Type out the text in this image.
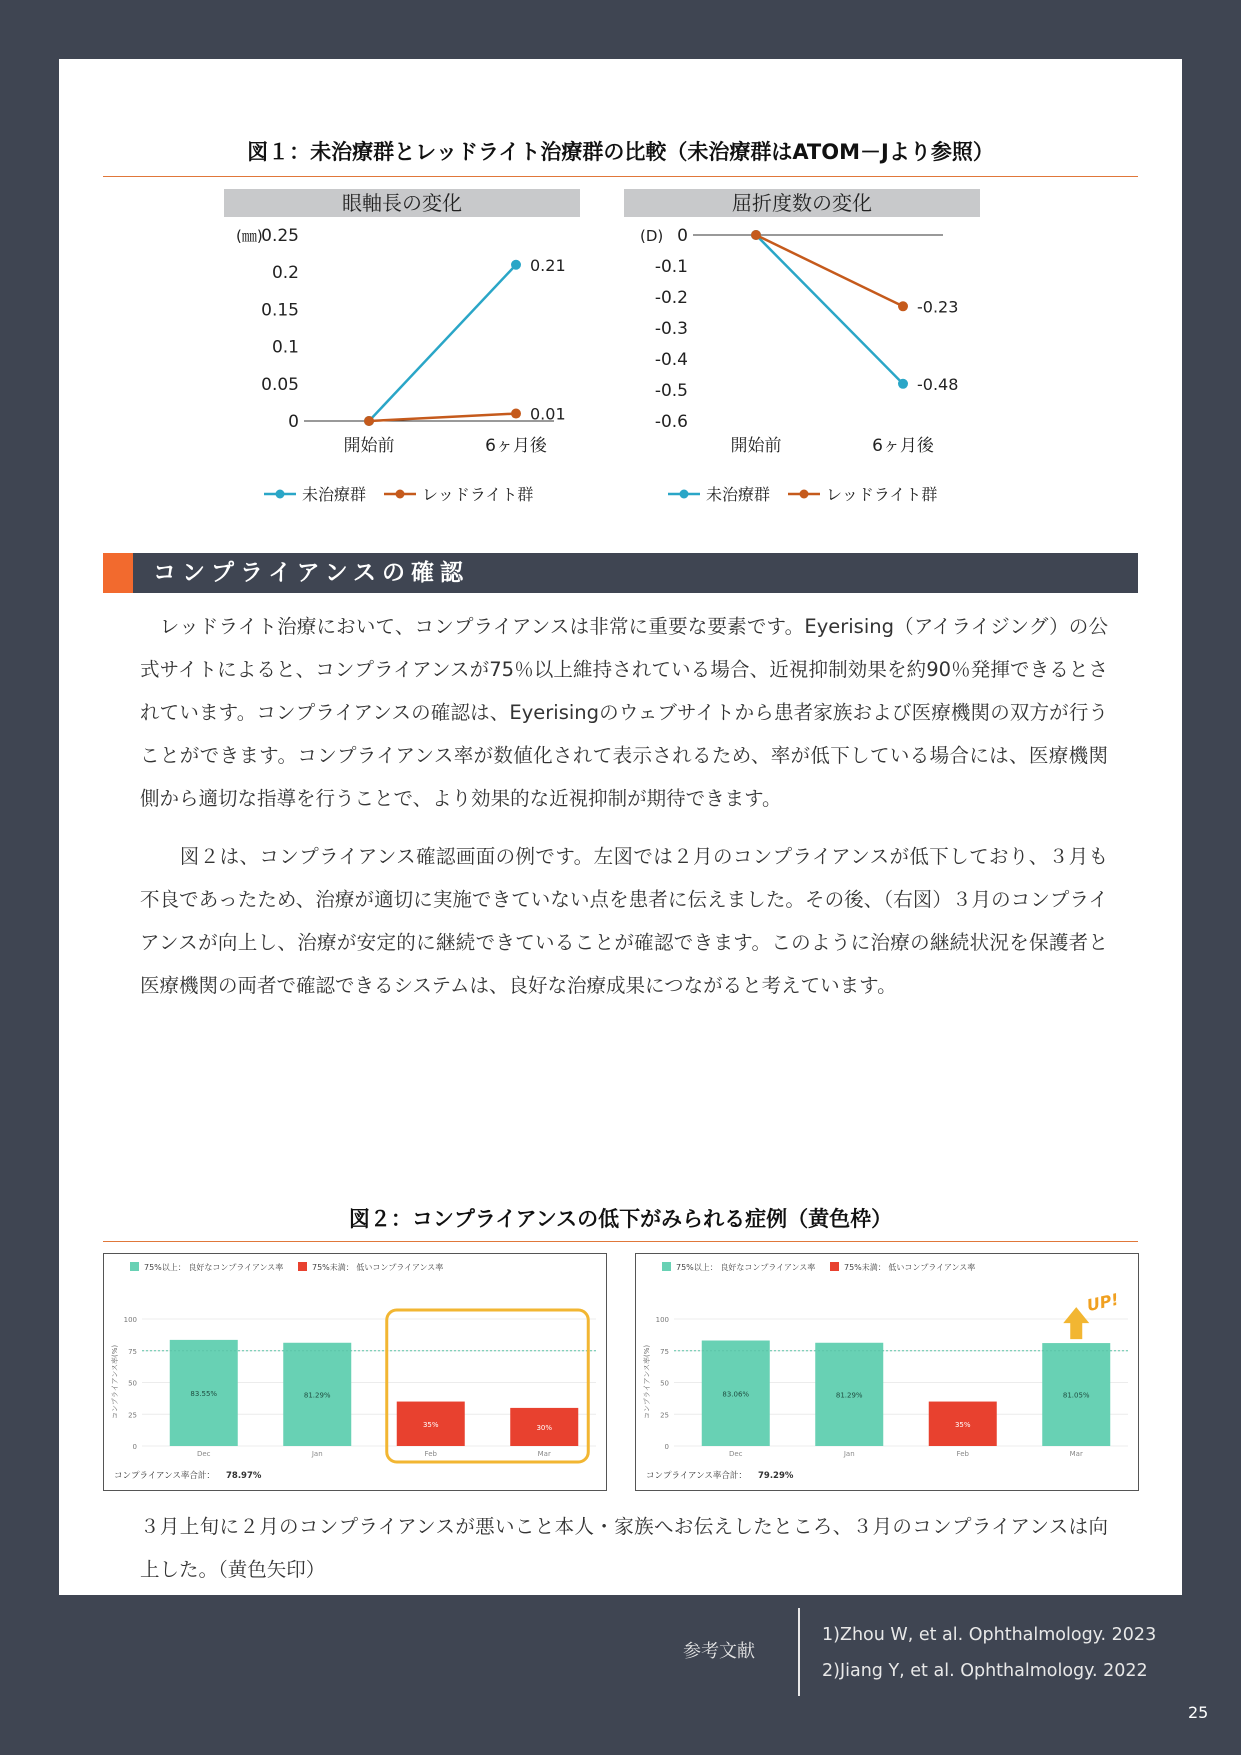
図１：未治療群とレッドライト治療群の比較（未治療群はATOM－Jより参照）
眼軸長の変化
(㎜)
0.25
0.2
0.15
0.1
0.05
0
開始前	6ヶ月後
0.21
0.01
未治療群	レッドライト群
屈折度数の変化
(D) 0
-0.1
-0.2
-0.3
-0.4
-0.5
-0.6
開始前	6ヶ月後
-0.48
-0.23
未治療群	レッドライト群
コンプライアンスの確認
　レッドライト治療において、コンプライアンスは非常に重要な要素です。Eyerising（アイライジング）の公式サイトによると、コンプライアンスが75％以上維持されている場合、近視抑制効果を約90％発揮できるとされています。コンプライアンスの確認は、Eyerisingのウェブサイトから患者家族および医療機関の双方が行うことができます。コンプライアンス率が数値化されて表示されるため、率が低下している場合には、医療機関側から適切な指導を行うことで、より効果的な近視抑制が期待できます。
　　図２は、コンプライアンス確認画面の例です。左図では２月のコンプライアンスが低下しており、３月も不良であったため、治療が適切に実施できていない点を患者に伝えました。その後、（右図）３月のコンプライアンスが向上し、治療が安定的に継続できていることが確認できます。このように治療の継続状況を保護者と医療機関の両者で確認できるシステムは、良好な治療成果につながると考えています。
図２：コンプライアンスの低下がみられる症例（黄色枠）
75%以上： 良好なコンプライアンス率	75%未満： 低いコンプライアンス率
コンプライアンス率(%)
100
75
50
25
0
83.55%
Dec
81.29%
Jan
35%
Feb
30%
Mar
コンプライアンス率合計： 78.97%
75%以上： 良好なコンプライアンス率	75%未満： 低いコンプライアンス率
コンプライアンス率(%)
100
75
50
25
0
83.06%
Dec
81.29%
Jan
35%
Feb
81.05%
Mar
UP!
コンプライアンス率合計： 79.29%
３月上旬に２月のコンプライアンスが悪いこと本人・家族へお伝えしたところ、３月のコンプライアンスは向上した。（黄色矢印）
参考文献
1)Zhou W, et al. Ophthalmology. 2023
2)Jiang Y, et al. Ophthalmology. 2022
25
